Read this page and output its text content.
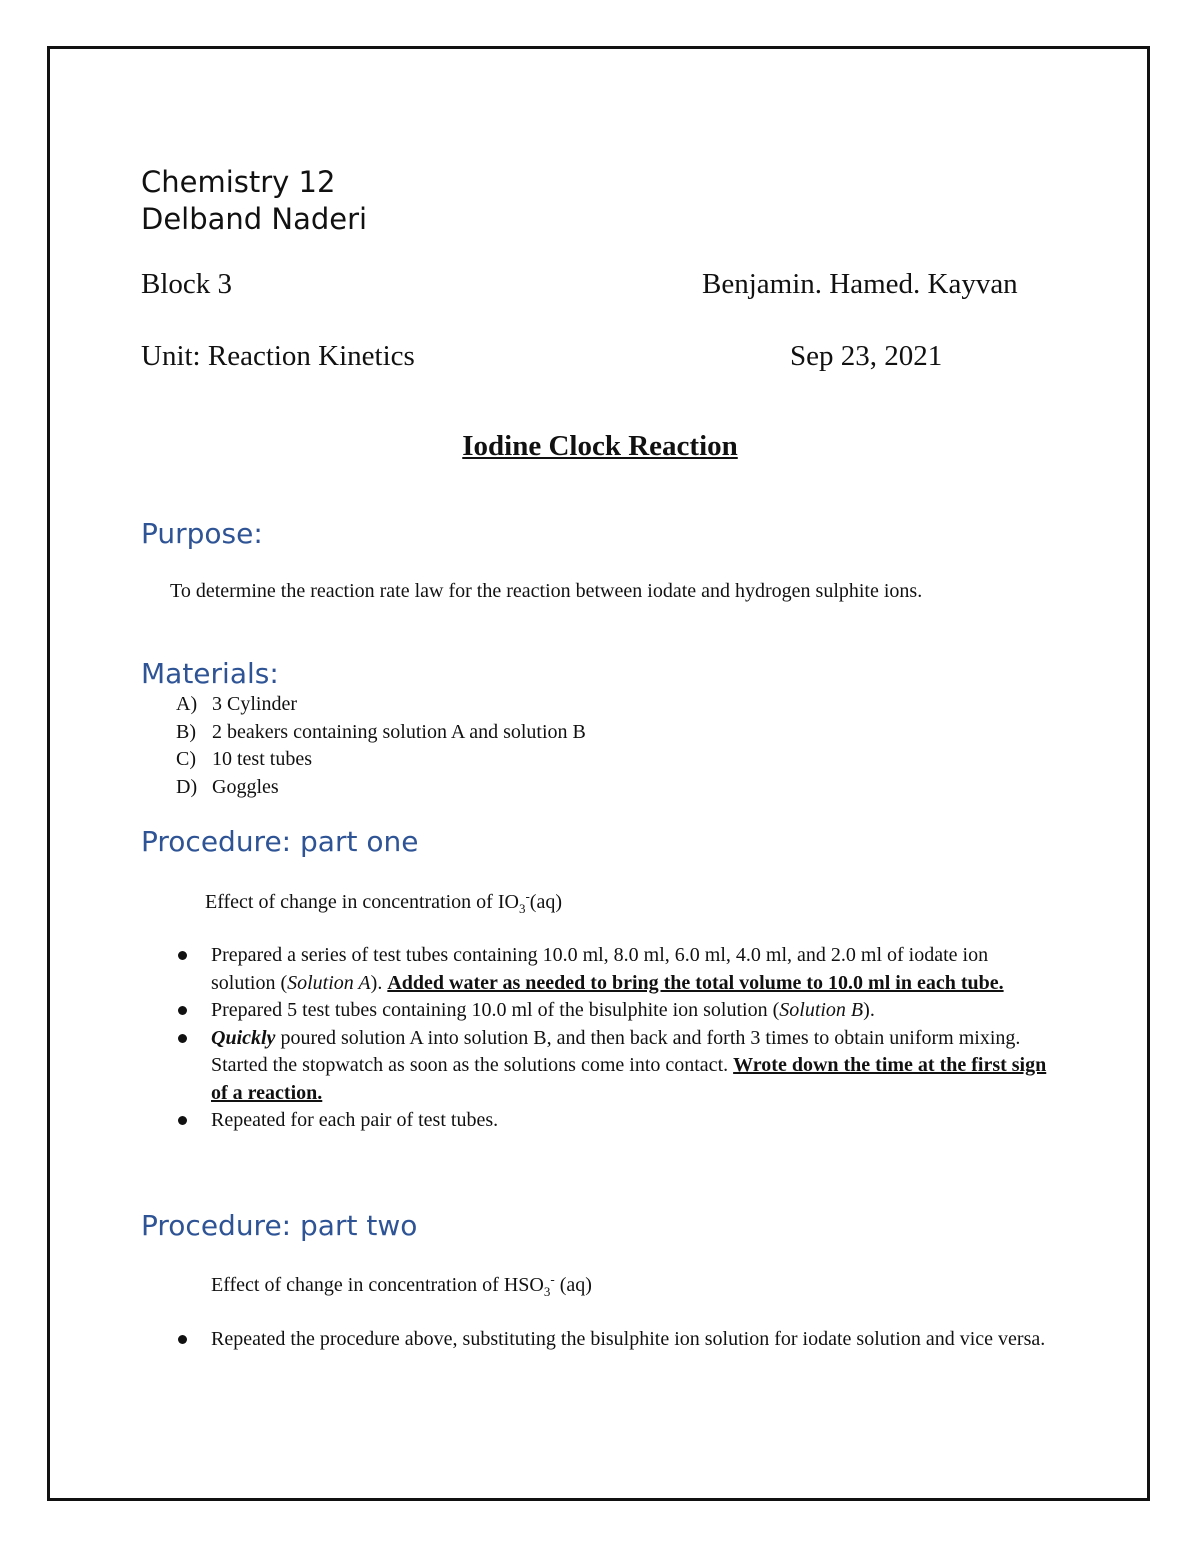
Chemistry 12
Delband Naderi
Block 3	Benjamin. Hamed. Kayvan
Unit: Reaction Kinetics	Sep 23, 2021
Iodine Clock Reaction
Purpose:
To determine the reaction rate law for the reaction between iodate and hydrogen sulphite ions.
Materials:
A) 3 Cylinder
B) 2 beakers containing solution A and solution B
C) 10 test tubes
D) Goggles
Procedure: part one
Effect of change in concentration of $IO_3^-(aq)$
Prepared a series of test tubes containing 10.0 ml, 8.0 ml, 6.0 ml, 4.0 ml, and 2.0 ml of iodate ion solution (Solution A). Added water as needed to bring the total volume to 10.0 ml in each tube.
Prepared 5 test tubes containing 10.0 ml of the bisulphite ion solution (Solution B).
Quickly poured solution A into solution B, and then back and forth 3 times to obtain uniform mixing. Started the stopwatch as soon as the solutions come into contact. Wrote down the time at the first sign of a reaction.
Repeated for each pair of test tubes.
Procedure: part two
Effect of change in concentration of $HSO_3^-$ (aq)
Repeated the procedure above, substituting the bisulphite ion solution for iodate solution and vice versa.
